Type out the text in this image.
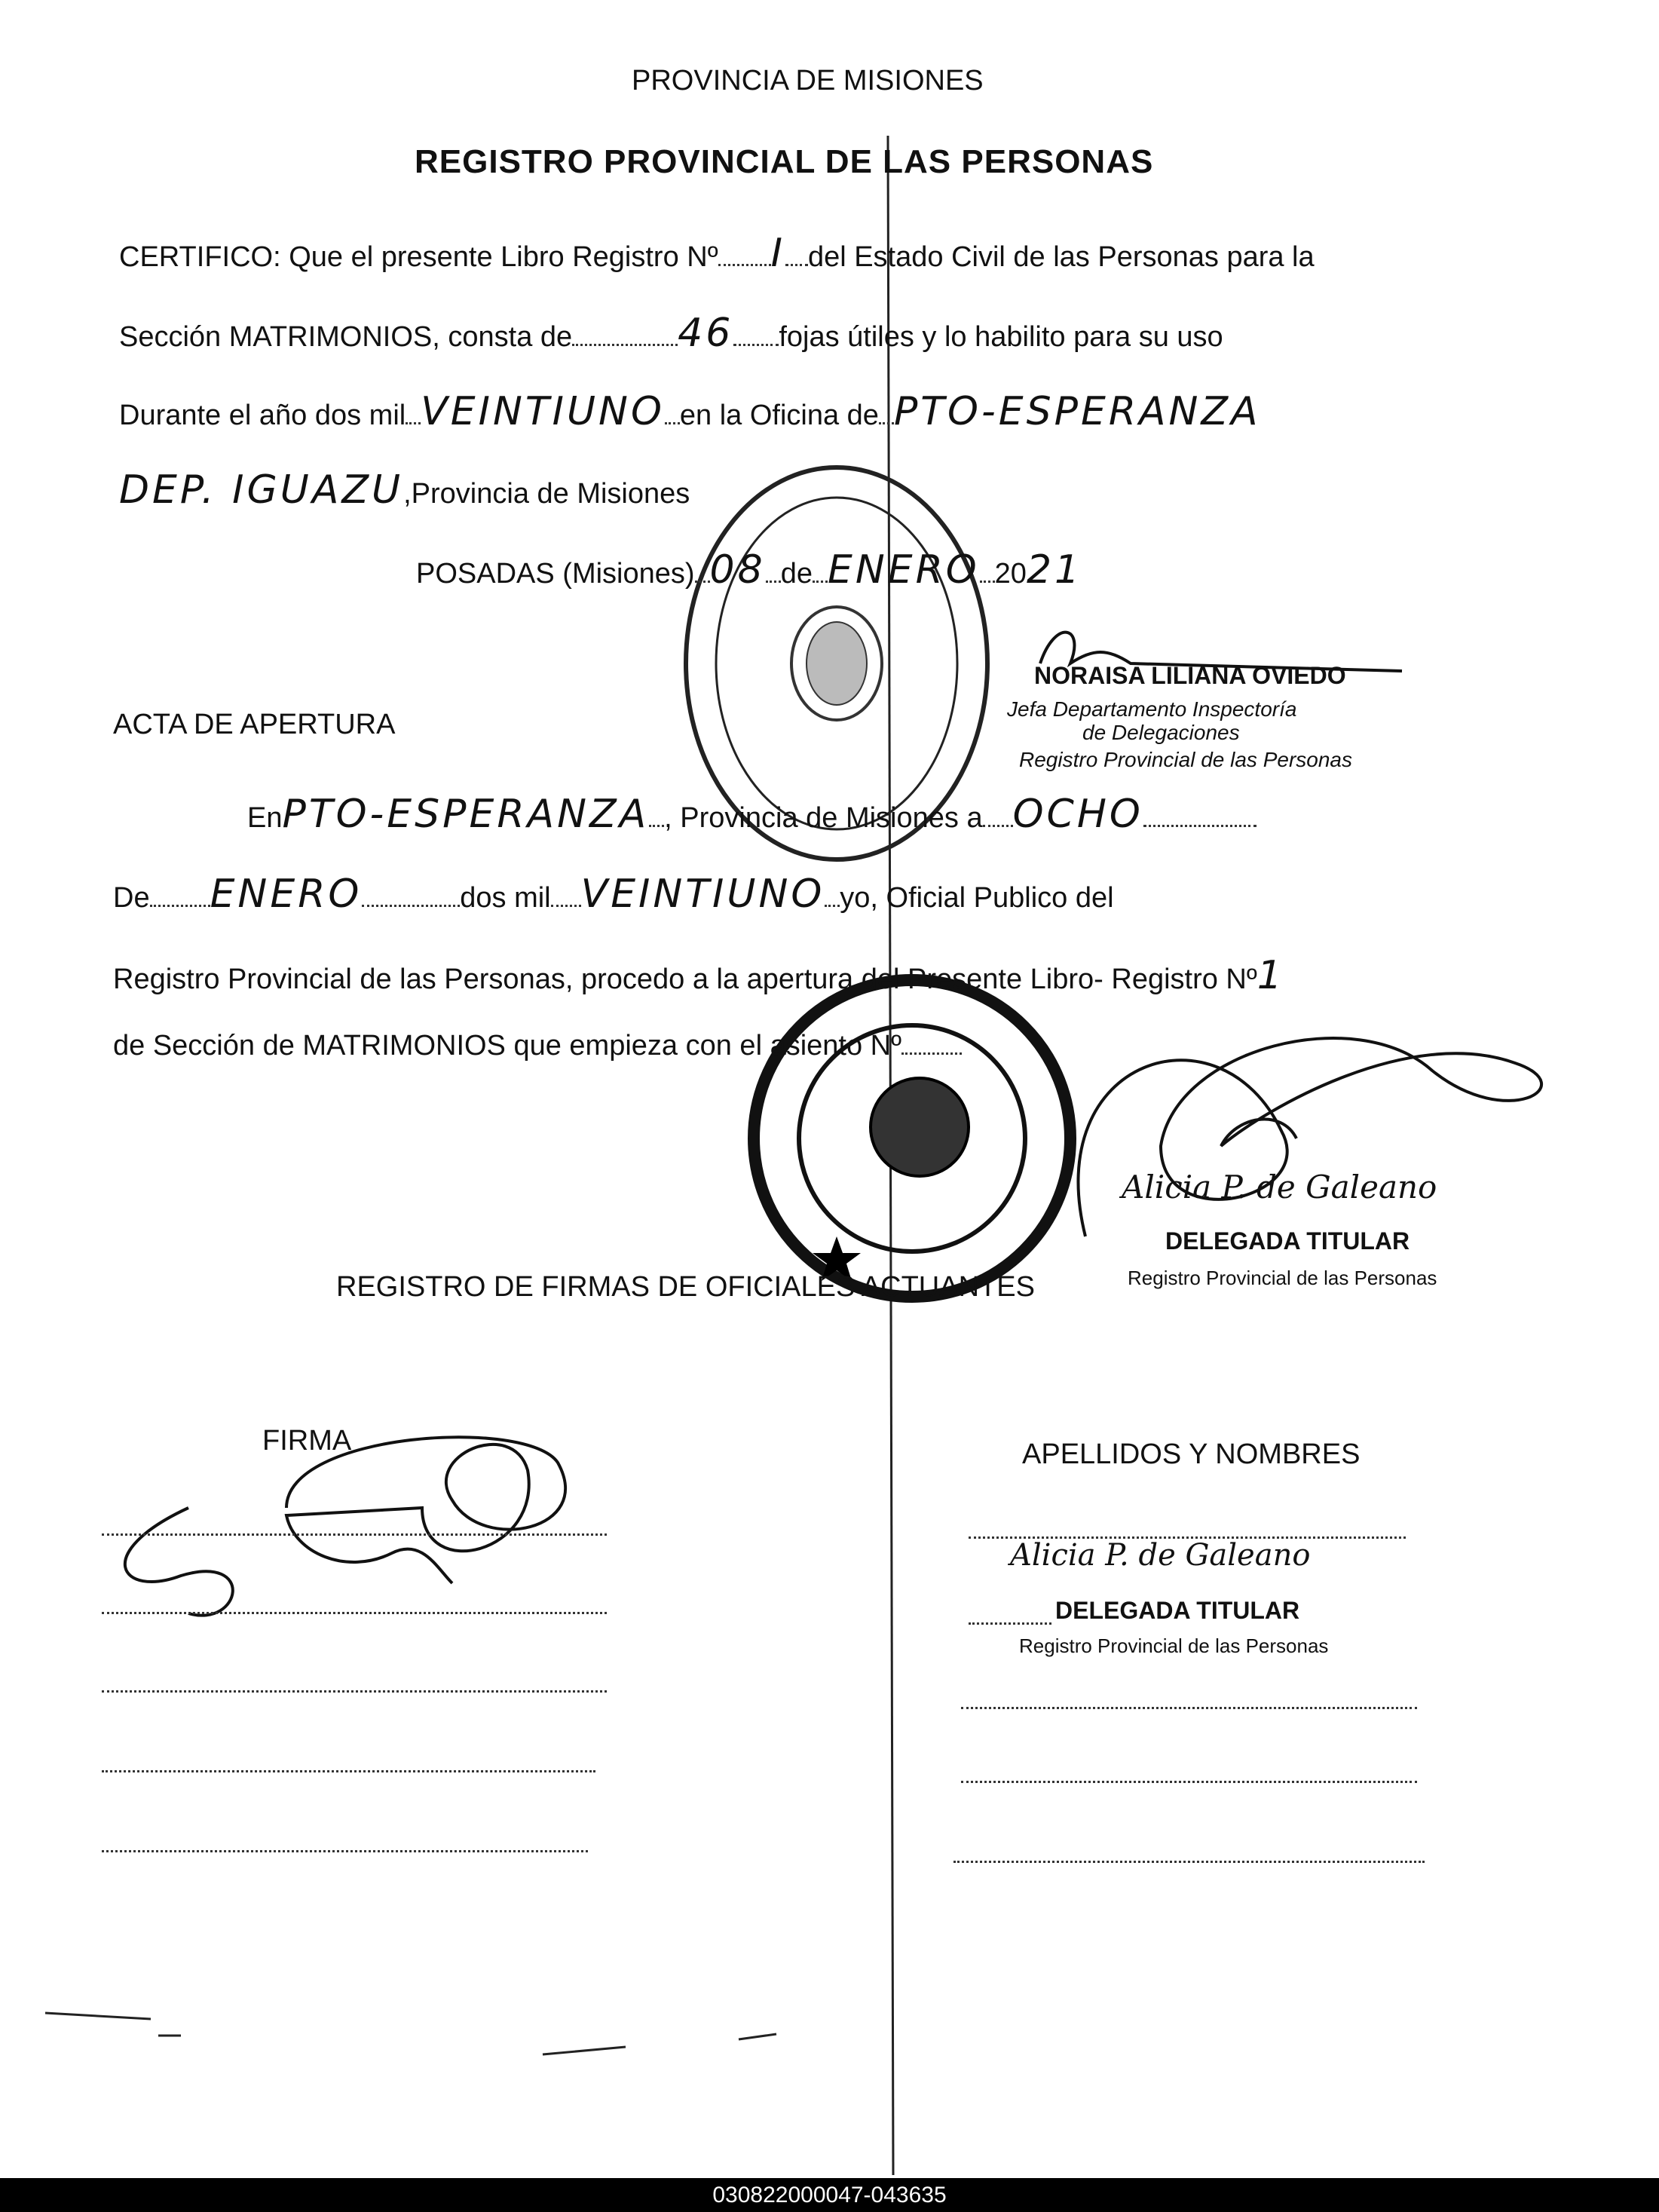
PROVINCIA DE MISIONES
REGISTRO PROVINCIAL DE LAS PERSONAS
CERTIFICO: Que el presente Libro Registro Nº I del Estado Civil de las Personas para la
Sección MATRIMONIOS, consta de	46 fojas útiles y lo habilito para su uso
Durante el año dos mil VEINTIUNO en la Oficina de PTO-ESPERANZA
DEP. IGUAZU,Provincia de Misiones
POSADAS (Misiones) 08 de ENERO 2021
NORAISA LILIANA OVIEDO
Jefa Departamento Inspectoría
de Delegaciones
Registro Provincial de las Personas
ACTA DE APERTURA
EnPTO-ESPERANZA , Provincia de Misiones a OCHO
De ENERO	dos mil VEINTIUNO yo, Oficial Publico del
Registro Provincial de las Personas, procedo a la apertura del Presente Libro- Registro Nº1
de Sección de MATRIMONIOS que empieza con el asiento Nº
Alicia P. de Galeano
DELEGADA TITULAR
Registro Provincial de las Personas
REGISTRO DE FIRMAS DE OFICIALES ACTUANTES
FIRMA	APELLIDOS Y NOMBRES
Alicia P. de Galeano
DELEGADA TITULAR
Registro Provincial de las Personas
030822000047-043635
